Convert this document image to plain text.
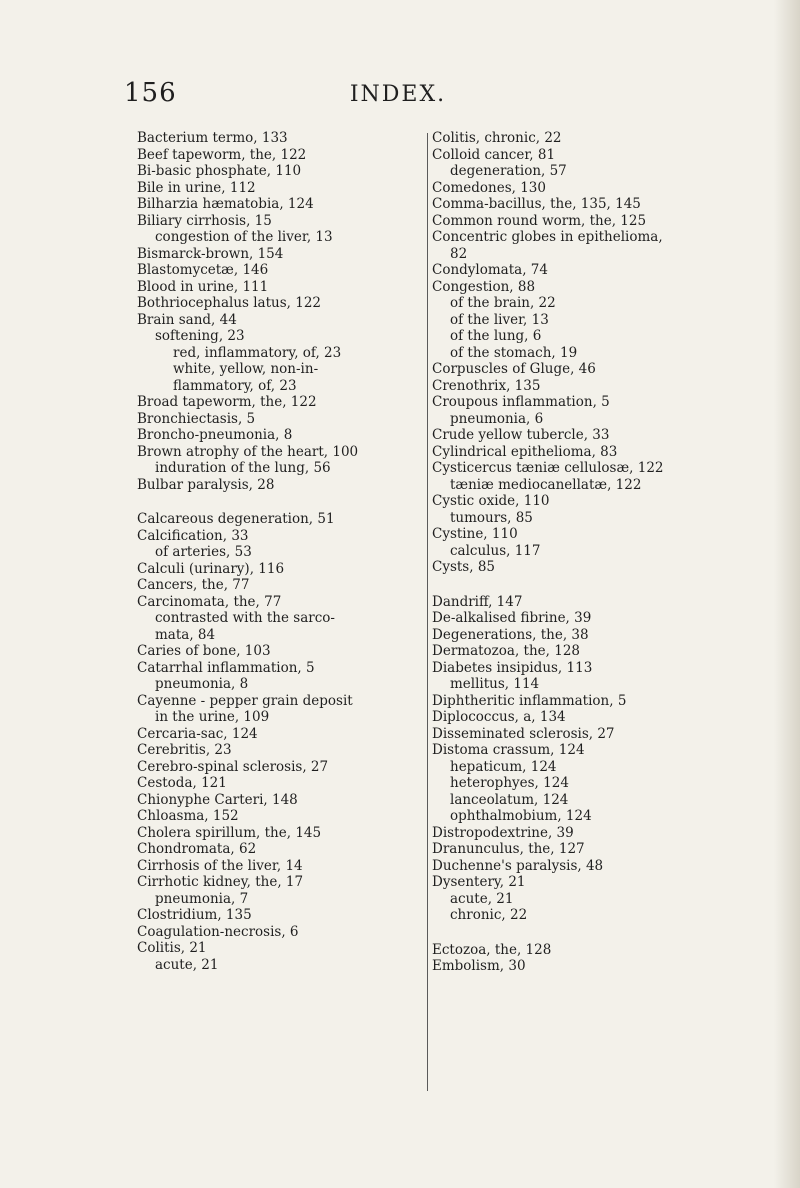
156	INDEX.
Bacterium termo, 133
Beef tapeworm, the, 122
Bi-basic phosphate, 110
Bile in urine, 112
Bilharzia hæmatobia, 124
Biliary cirrhosis, 15
congestion of the liver, 13
Bismarck-brown, 154
Blastomycetæ, 146
Blood in urine, 111
Bothriocephalus latus, 122
Brain sand, 44
softening, 23
red, inflammatory, of, 23
white, yellow, non-in-
flammatory, of, 23
Broad tapeworm, the, 122
Bronchiectasis, 5
Broncho-pneumonia, 8
Brown atrophy of the heart, 100
induration of the lung, 56
Bulbar paralysis, 28
Calcareous degeneration, 51
Calcification, 33
of arteries, 53
Calculi (urinary), 116
Cancers, the, 77
Carcinomata, the, 77
contrasted with the sarco-
mata, 84
Caries of bone, 103
Catarrhal inflammation, 5
pneumonia, 8
Cayenne - pepper grain deposit
in the urine, 109
Cercaria-sac, 124
Cerebritis, 23
Cerebro-spinal sclerosis, 27
Cestoda, 121
Chionyphe Carteri, 148
Chloasma, 152
Cholera spirillum, the, 145
Chondromata, 62
Cirrhosis of the liver, 14
Cirrhotic kidney, the, 17
pneumonia, 7
Clostridium, 135
Coagulation-necrosis, 6
Colitis, 21
acute, 21
Colitis, chronic, 22
Colloid cancer, 81
degeneration, 57
Comedones, 130
Comma-bacillus, the, 135, 145
Common round worm, the, 125
Concentric globes in epithelioma,
82
Condylomata, 74
Congestion, 88
of the brain, 22
of the liver, 13
of the lung, 6
of the stomach, 19
Corpuscles of Gluge, 46
Crenothrix, 135
Croupous inflammation, 5
pneumonia, 6
Crude yellow tubercle, 33
Cylindrical epithelioma, 83
Cysticercus tæniæ cellulosæ, 122
tæniæ mediocanellatæ, 122
Cystic oxide, 110
tumours, 85
Cystine, 110
calculus, 117
Cysts, 85
Dandriff, 147
De-alkalised fibrine, 39
Degenerations, the, 38
Dermatozoa, the, 128
Diabetes insipidus, 113
mellitus, 114
Diphtheritic inflammation, 5
Diplococcus, a, 134
Disseminated sclerosis, 27
Distoma crassum, 124
hepaticum, 124
heterophyes, 124
lanceolatum, 124
ophthalmobium, 124
Distropodextrine, 39
Dranunculus, the, 127
Duchenne's paralysis, 48
Dysentery, 21
acute, 21
chronic, 22
Ectozoa, the, 128
Embolism, 30
